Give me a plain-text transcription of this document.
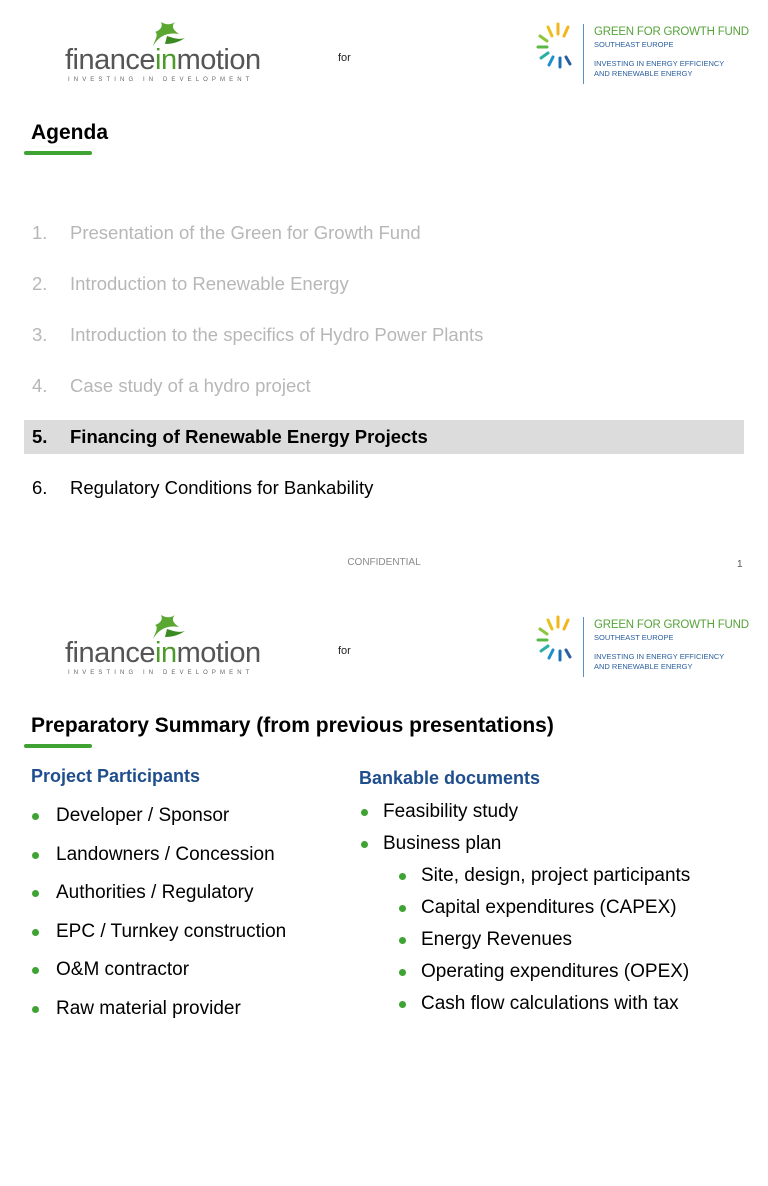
financeinmotion
INVESTING IN DEVELOPMENT
for
GREEN FOR GROWTH FUND
SOUTHEAST EUROPE
INVESTING IN ENERGY EFFICIENCY
AND RENEWABLE ENERGY
Agenda
1. Presentation of the Green for Growth Fund
2. Introduction to Renewable Energy
3. Introduction to the specifics of Hydro Power Plants
4. Case study of a hydro project
5. Financing of Renewable Energy Projects
6. Regulatory Conditions for Bankability
CONFIDENTIAL	1
financeinmotion
INVESTING IN DEVELOPMENT
for
GREEN FOR GROWTH FUND
SOUTHEAST EUROPE
INVESTING IN ENERGY EFFICIENCY
AND RENEWABLE ENERGY
Preparatory Summary (from previous presentations)
Project Participants
Developer / Sponsor
Landowners / Concession
Authorities / Regulatory
EPC / Turnkey construction
O&M contractor
Raw material provider
Bankable documents
Feasibility study
Business plan
Site, design, project participants
Capital expenditures (CAPEX)
Energy Revenues
Operating expenditures (OPEX)
Cash flow calculations with tax
